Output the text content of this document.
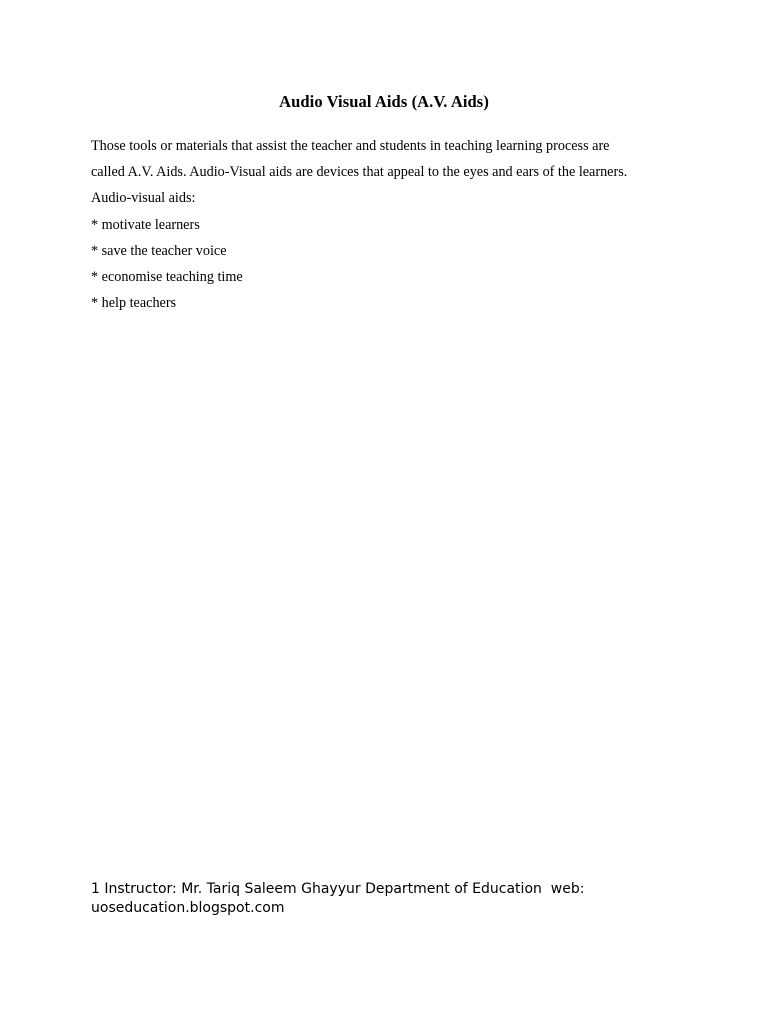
Audio Visual Aids (A.V. Aids)
Those tools or materials that assist the teacher and students in teaching learning process are
called A.V. Aids. Audio-Visual aids are devices that appeal to the eyes and ears of the learners.
Audio-visual aids:
* motivate learners
* save the teacher voice
* economise teaching time
* help teachers
1 Instructor: Mr. Tariq Saleem Ghayyur Department of Education  web:
uoseducation.blogspot.com
